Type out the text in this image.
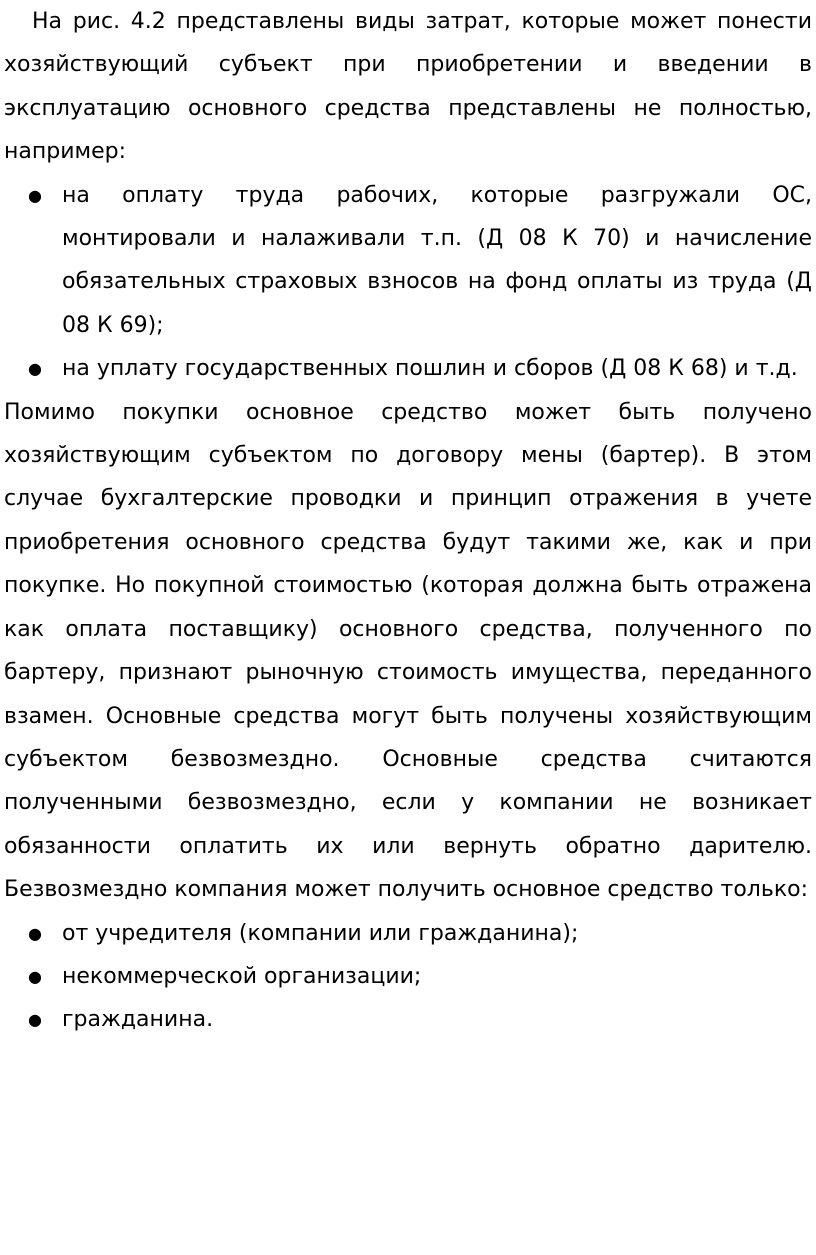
На рис. 4.2 представлены виды затрат, которые может понести хозяйствующий субъект при приобретении и введении в эксплуатацию основного средства представлены не полностью, например:

● на оплату труда рабочих, которые разгружали ОС, монтировали и налаживали т.п. (Д 08 К 70) и начисление обязательных страховых взносов на фонд оплаты из труда (Д 08 К 69);
● на уплату государственных пошлин и сборов (Д 08 К 68) и т.д.

Помимо покупки основное средство может быть получено хозяйствующим субъектом по договору мены (бартер). В этом случае бухгалтерские проводки и принцип отражения в учете приобретения основного средства будут такими же, как и при покупке. Но покупной стоимостью (которая должна быть отражена как оплата поставщику) основного средства, полученного по бартеру, признают рыночную стоимость имущества, переданного взамен. Основные средства могут быть получены хозяйствующим субъектом безвозмездно. Основные средства считаются полученными безвозмездно, если у компании не возникает обязанности оплатить их или вернуть обратно дарителю. Безвозмездно компания может получить основное средство только:

● от учредителя (компании или гражданина);
● некоммерческой организации;
● гражданина.
